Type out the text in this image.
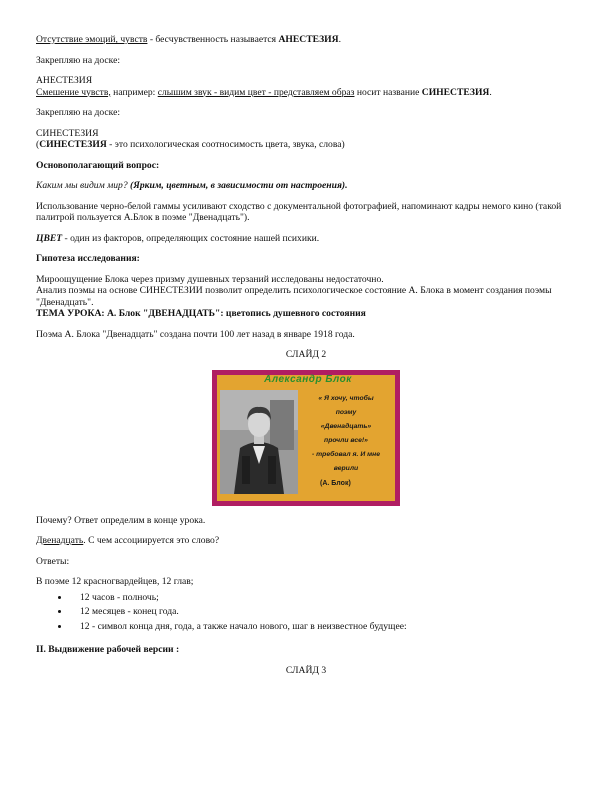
Отсутствие эмоций, чувств - бесчувственность называется АНЕСТЕЗИЯ.

Закрепляю на доске:

АНЕСТЕЗИЯ
Смешение чувств, например: слышим звук - видим цвет - представляем образ носит название СИНЕСТЕЗИЯ.

Закрепляю на доске:

СИНЕСТЕЗИЯ
(СИНЕСТЕЗИЯ - это психологическая соотносимость цвета, звука, слова)

Основополагающий вопрос:

Каким мы видим мир? (Ярким, цветным, в зависимости от настроения).

Использование черно-белой гаммы усиливают сходство с документальной фотографией, напоминают кадры немого кино (такой палитрой пользуется А.Блок в поэме "Двенадцать").

ЦВЕТ - один из факторов, определяющих состояние нашей психики.

Гипотеза исследования:

Мироощущение Блока через призму душевных терзаний исследованы недостаточно.
Анализ поэмы на основе СИНЕСТЕЗИИ позволит определить психологическое состояние А. Блока в момент создания поэмы "Двенадцать".
ТЕМА УРОКА: А. Блок "ДВЕНАДЦАТЬ": цветопись душевного состояния

Поэма А. Блока "Двенадцать" создана почти 100 лет назад в январе 1918 года.

СЛАЙД 2

Александр Блок
« Я хочу, чтобы
поэму
«Двенадцать»
прочли все!»
- требовал я. И мне
верили
(А. Блок)

Почему? Ответ определим в конце урока.

Двенадцать. С чем ассоциируется это слово?

Ответы:

В поэме 12 красногвардейцев, 12 глав;

• 12 часов - полночь;
• 12 месяцев - конец года.
• 12 - символ конца дня, года, а также начало нового, шаг в неизвестное будущее:

II. Выдвижение рабочей версии :

СЛАЙД 3
